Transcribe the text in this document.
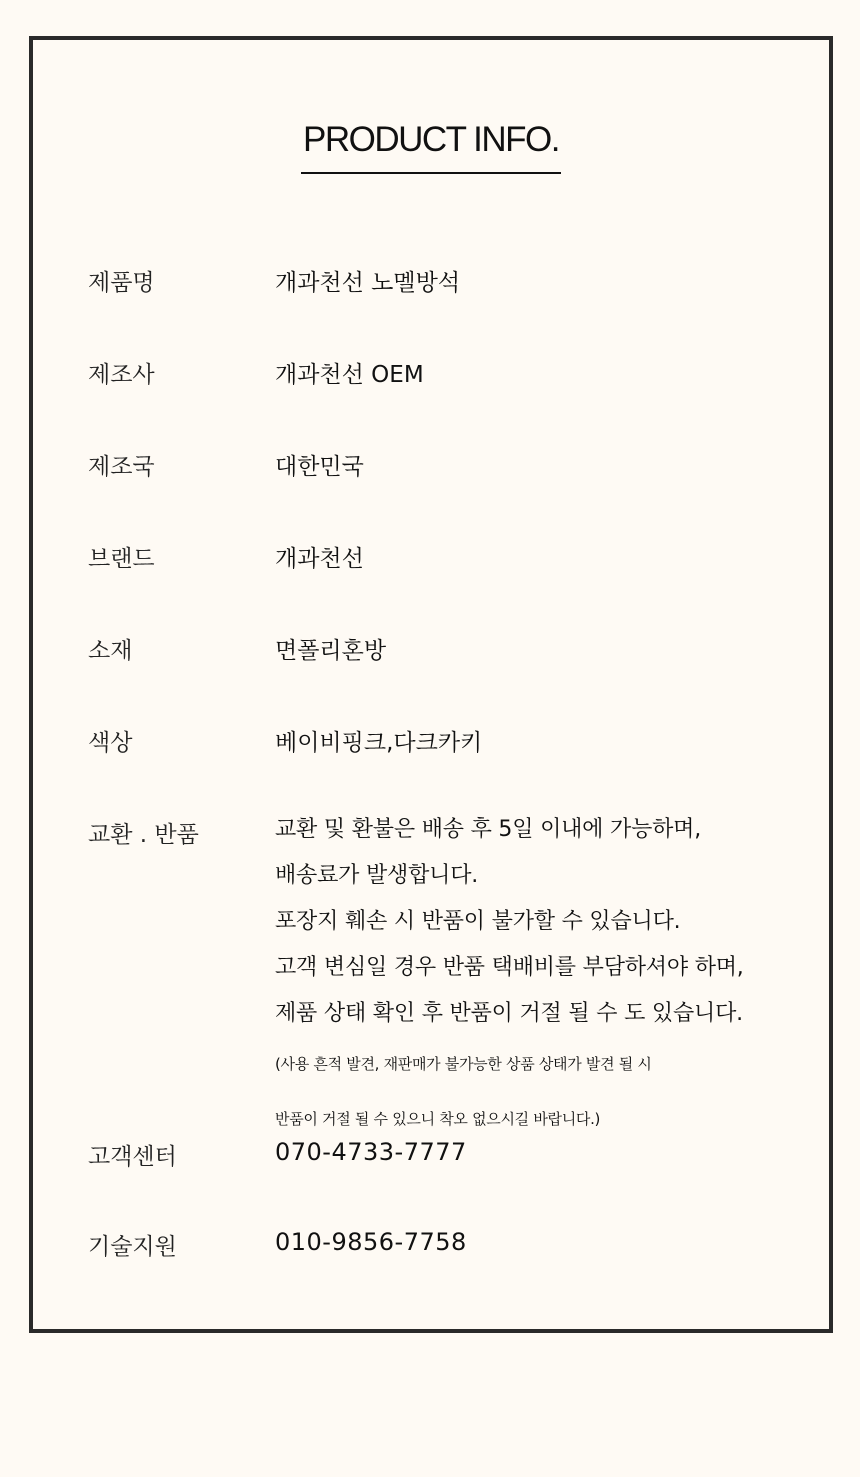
PRODUCT INFO.
제품명	개과천선 노멜방석
제조사	개과천선 OEM
제조국	대한민국
브랜드	개과천선
소재	면폴리혼방
색상	베이비핑크,다크카키
교환 . 반품	교환 및 환불은 배송 후 5일 이내에 가능하며,
배송료가 발생합니다.
포장지 훼손 시 반품이 불가할 수 있습니다.
고객 변심일 경우 반품 택배비를 부담하셔야 하며,
제품 상태 확인 후 반품이 거절 될 수 도 있습니다.
(사용 흔적 발견, 재판매가 불가능한 상품 상태가 발견 될 시
반품이 거절 될 수 있으니 착오 없으시길 바랍니다.)
고객센터	070-4733-7777
기술지원	010-9856-7758
